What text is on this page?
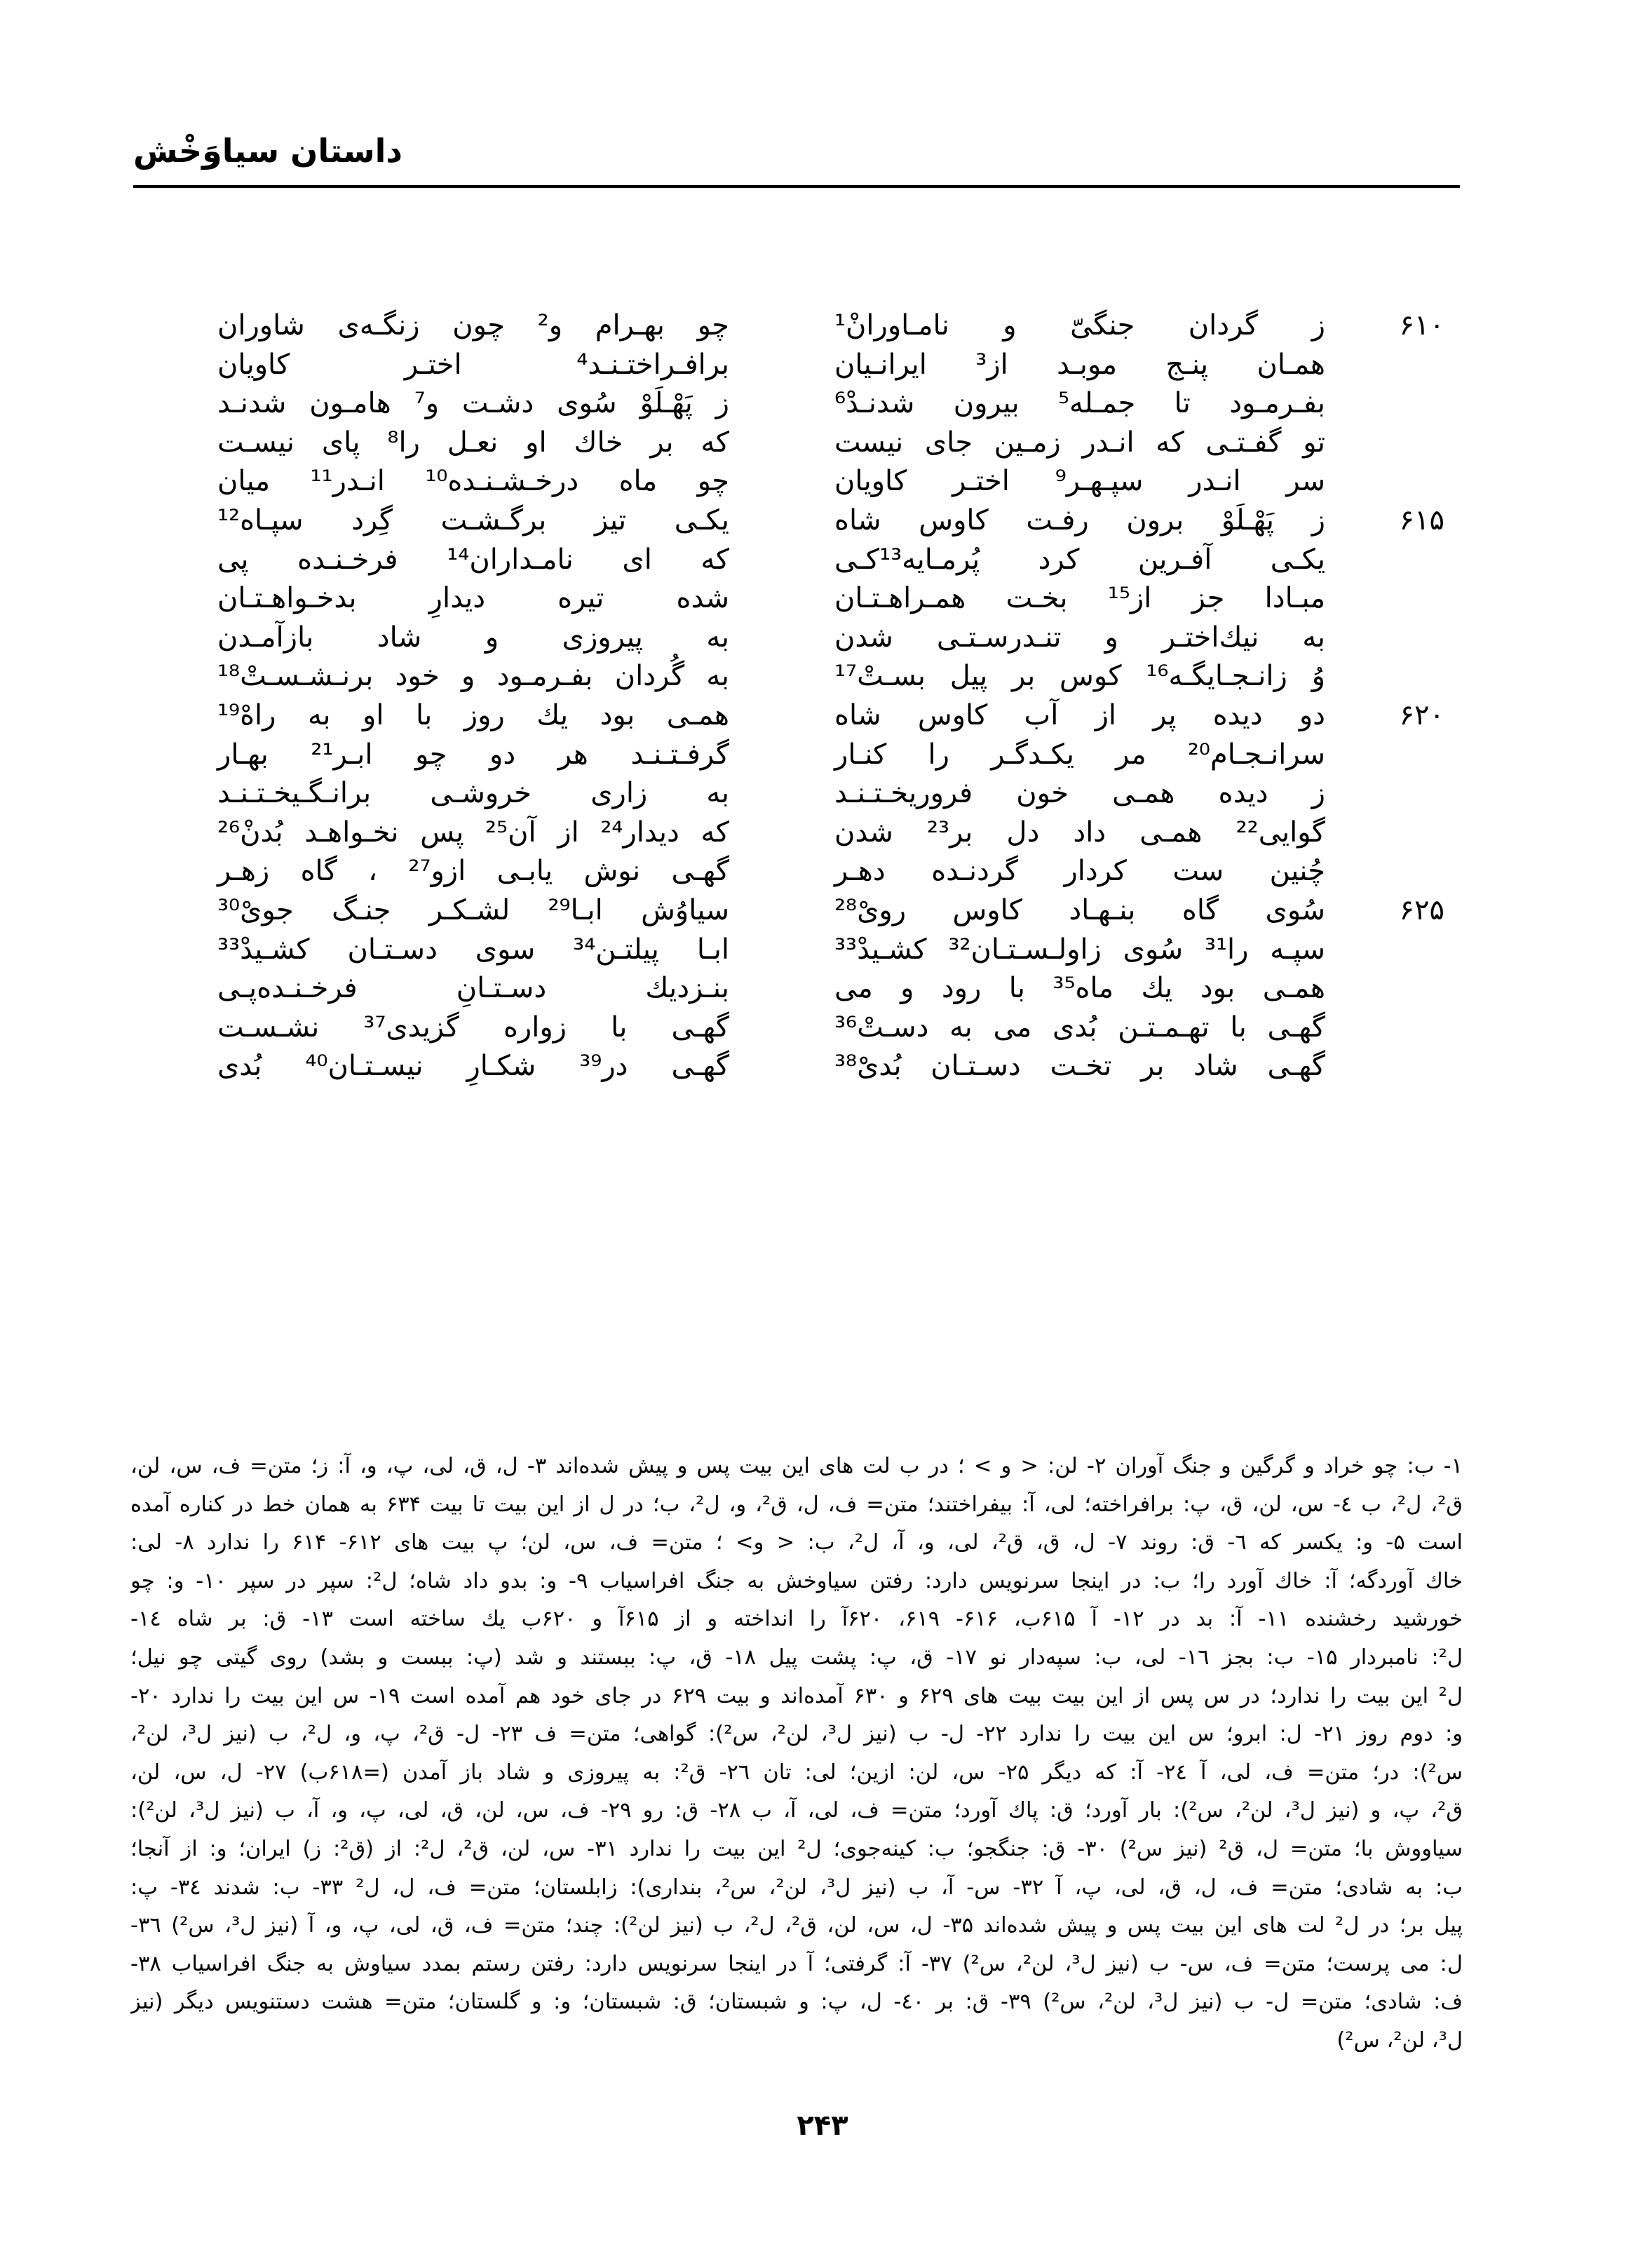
داستان سیاوَخْش
۶۱۰
ز گردان جنگیّ و نامـاورانْ¹
چو بهـرام و² چون زنگـه‌ی شاوران
همـان پنـج موبـد از³ ایرانـیان
برافـراختـنـد⁴ اختـر کاویان
بفـرمـود تا جمـله⁵ بیرون شدنـدْ⁶
ز پَهْـلَوْ سُوی دشـت و⁷ هامـون شدنـد
تو گفـتـی که انـدر زمـین جای نیست
که بر خاك او نعـل را⁸ پای نیسـت
سر انـدر سپـهـر⁹ اختـر کاویان
چو ماه درخـشـنـده¹⁰ انـدر¹¹ میان
۶۱۵
ز پَهْـلَوْ برون رفـت کاوس شاه
یکـی تیز برگـشـت گِرد سپـاه¹²
یکـی آفـرین کرد پُرمـایه¹³کـی
که ای نامـداران¹⁴ فرخـنـده پی
مبـادا جز از¹⁵ بخـت همـراهـتـان
شده تیره دیدارِ بدخـواهـتـان
به نیك‌اختـر و تنـدرسـتـی شدن
به پیروزی و شاد بازآمـدن
وُ زانـجـایگـه¹⁶ کوس بر پیل بسـتْ¹⁷
به گُردان بفـرمـود و خود برنـشـسـتْ¹⁸
۶۲۰
دو دیده پر از آب کاوس شاه
همـی بود یك روز با او به راهْ¹⁹
سرانـجـام²⁰ مر یکـدگـر را کنـار
گرفـتـنـد هر دو چو ابـر²¹ بهـار
ز دیده همـی خون فروریخـتـنـد
به زاری خروشـی برانـگـیخـتـنـد
گوایی²² همـی داد دل بر²³ شدن
که دیدار²⁴ از آن²⁵ پس نخـواهـد بُدنْ²⁶
چُنین ست کردار گردنـده دهـر
گهـی نوش یابـی ازو²⁷ ، گاه زهـر
۶۲۵
سُوی گاه بنـهـاد کاوس رویْ²⁸
سیاوُش ابـا²⁹ لشـکـر جنـگ جویْ³⁰
سپـه را³¹ سُوی زاولـسـتـان³² کشـیدْ³³
ابـا پیلتـن³⁴ سوی دسـتـان کشـیدْ³³
همـی بود یك ماه³⁵ با رود و می
بنـزدیك دسـتـانِ فرخـنـده‌پـی
گهـی با تهـمـتـن بُدی می به دسـتْ³⁶
گهـی با زواره گزیدی³⁷ نشـسـت
گهـی شاد بر تخـت دسـتـان بُدیْ³⁸
گهـی در³⁹ شکـارِ نیسـتـان⁴⁰ بُدی
۱- ب: چو خراد و گرگین و جنگ آوران ۲- لن: < و > ؛ در ب لت های این بیت پس و پیش شده‌اند ۳- ل، ق، لی، پ، و، آ: ز؛ متن= ف، س، لن،
ق²، ل²، ب ٤- س، لن، ق، پ: برافراخته؛ لی، آ: بیفراختند؛ متن= ف، ل، ق²، و، ل²، ب؛ در ل از این بیت تا بیت ۶۳۴ به همان خط در کناره آمده
است ۵- و: یکسر که ٦- ق: روند ۷- ل، ق، ق²، لی، و، آ، ل²، ب: < و> ؛ متن= ف، س، لن؛ پ بیت های ۶۱۲- ۶۱۴ را ندارد ۸- لی:
خاك آوردگه؛ آ: خاك آورد را؛ ب: در اینجا سرنویس دارد: رفتن سیاوخش به جنگ افراسیاب ۹- و: بدو داد شاه؛ ل²: سپر در سپر ۱۰- و: چو
خورشید رخشنده ۱۱- آ: بد در ۱۲- آ ۶۱۵ب، ۶۱۶- ۶۱۹، ۶۲۰آ را انداخته و از ۶۱۵آ و ۶۲۰ب یك ساخته است ۱۳- ق: بر شاه ١٤-
ل²: نامبردار ۱۵- ب: بجز ١٦- لی، ب: سپه‌دار نو ۱۷- ق، پ: پشت پیل ۱۸- ق، پ: ببستند و شد (پ: ببست و بشد) روی گیتی چو نیل؛
ل² این بیت را ندارد؛ در س پس از این بیت بیت های ۶۲۹ و ۶۳۰ آمده‌اند و بیت ۶۲۹ در جای خود هم آمده است ۱۹- س این بیت را ندارد ۲۰-
و: دوم روز ۲۱- ل: ابرو؛ س این بیت را ندارد ۲۲- ل- ب (نیز ل³، لن²، س²): گواهی؛ متن= ف ۲۳- ل- ق²، پ، و، ل²، ب (نیز ل³، لن²،
س²): در؛ متن= ف، لی، آ ۲٤- آ: که دیگر ۲۵- س، لن: ازین؛ لی: تان ۲٦- ق²: به پیروزی و شاد باز آمدن (=۶۱۸ب) ۲۷- ل، س، لن،
ق²، پ، و (نیز ل³، لن²، س²): بار آورد؛ ق: پاك آورد؛ متن= ف، لی، آ، ب ۲۸- ق: رو ۲۹- ف، س، لن، ق، لی، پ، و، آ، ب (نیز ل³، لن²):
سیاووش با؛ متن= ل، ق² (نیز س²) ۳۰- ق: جنگجو؛ ب: کینه‌جوی؛ ل² این بیت را ندارد ۳۱- س، لن، ق²، ل²: از (ق²: ز) ایران؛ و: از آنجا؛
ب: به شادی؛ متن= ف، ل، ق، لی، پ، آ ۳۲- س- آ، ب (نیز ل³، لن²، س²، بنداری): زابلستان؛ متن= ف، ل، ل² ۳۳- ب: شدند ۳٤- پ:
پیل بر؛ در ل² لت های این بیت پس و پیش شده‌اند ۳۵- ل، س، لن، ق²، ل²، ب (نیز لن²): چند؛ متن= ف، ق، لی، پ، و، آ (نیز ل³، س²) ۳٦-
ل: می پرست؛ متن= ف، س- ب (نیز ل³، لن²، س²) ۳۷- آ: گرفتی؛ آ در اینجا سرنویس دارد: رفتن رستم بمدد سیاوش به جنگ افراسیاب ۳۸-
ف: شادی؛ متن= ل- ب (نیز ل³، لن²، س²) ۳۹- ق: بر ٤۰- ل، پ: و شبستان؛ ق: شبستان؛ و: و گلستان؛ متن= هشت دستنویس دیگر (نیز
ل³، لن²، س²)
۲۴۳
